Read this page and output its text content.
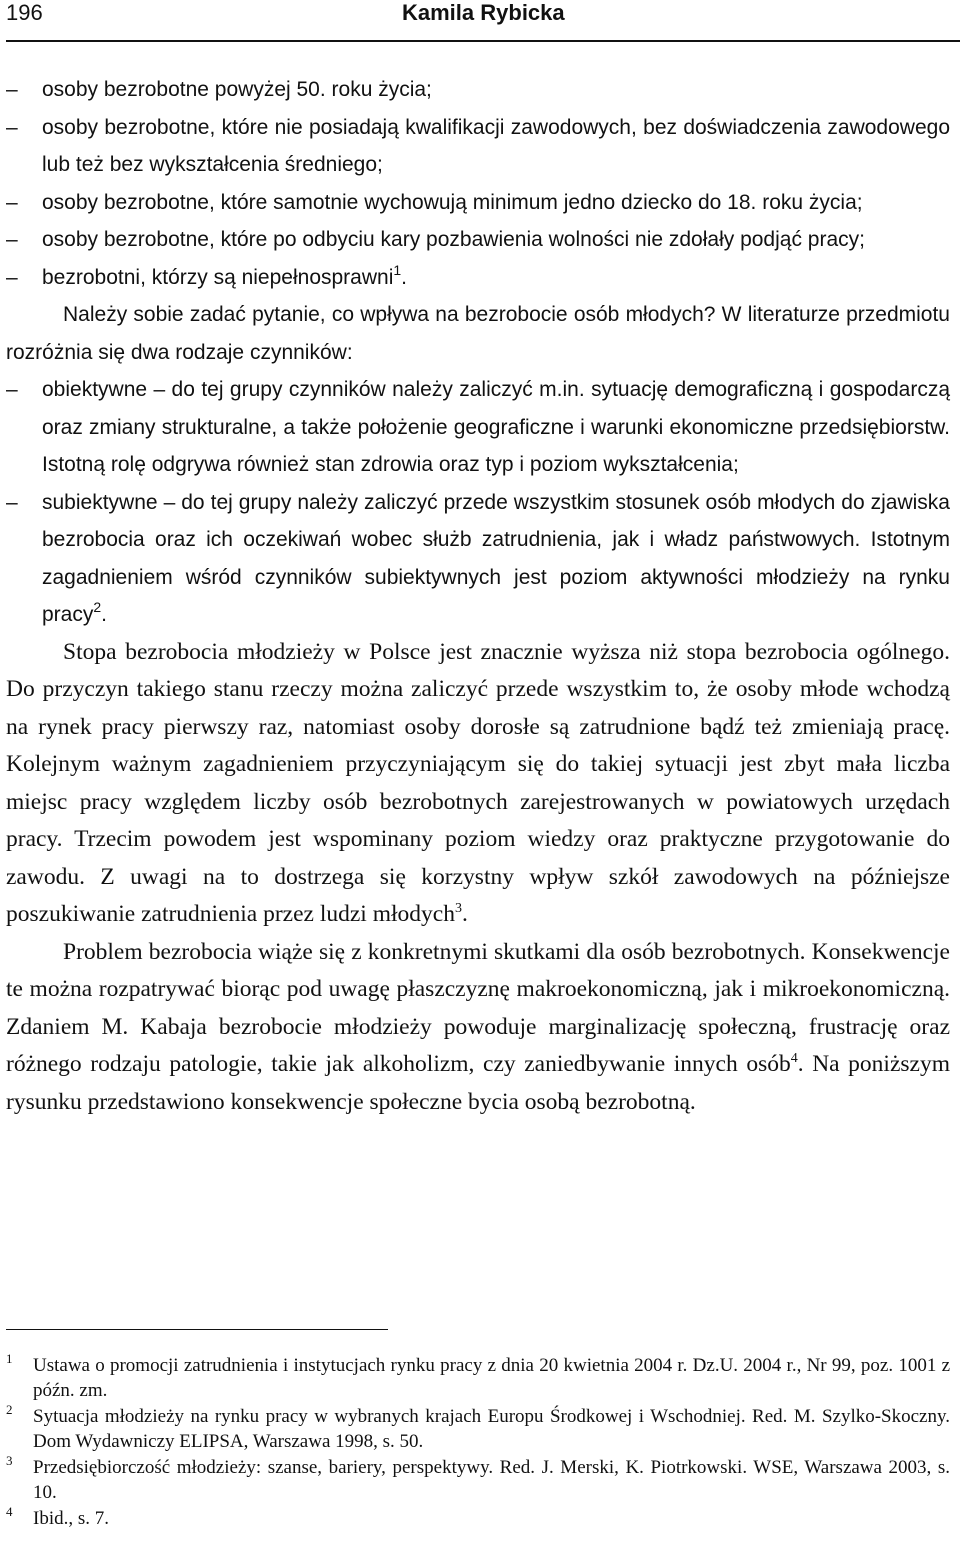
196	Kamila Rybicka
– osoby bezrobotne powyżej 50. roku życia;
– osoby bezrobotne, które nie posiadają kwalifikacji zawodowych, bez doświadczenia zawodowego lub też bez wykształcenia średniego;
– osoby bezrobotne, które samotnie wychowują minimum jedno dziecko do 18. roku życia;
– osoby bezrobotne, które po odbyciu kary pozbawienia wolności nie zdołały podjąć pracy;
– bezrobotni, którzy są niepełnosprawni$^1$.

Należy sobie zadać pytanie, co wpływa na bezrobocie osób młodych? W literaturze przedmiotu rozróżnia się dwa rodzaje czynników:

– obiektywne – do tej grupy czynników należy zaliczyć m.in. sytuację demograficzną i gospodarczą oraz zmiany strukturalne, a także położenie geograficzne i warunki ekonomiczne przedsiębiorstw. Istotną rolę odgrywa również stan zdrowia oraz typ i poziom wykształcenia;
– subiektywne – do tej grupy należy zaliczyć przede wszystkim stosunek osób młodych do zjawiska bezrobocia oraz ich oczekiwań wobec służb zatrudnienia, jak i władz państwowych. Istotnym zagadnieniem wśród czynników subiektywnych jest poziom aktywności młodzieży na rynku pracy$^2$.

Stopa bezrobocia młodzieży w Polsce jest znacznie wyższa niż stopa bezrobocia ogólnego. Do przyczyn takiego stanu rzeczy można zaliczyć przede wszystkim to, że osoby młode wchodzą na rynek pracy pierwszy raz, natomiast osoby dorosłe są zatrudnione bądź też zmieniają pracę. Kolejnym ważnym zagadnieniem przyczyniającym się do takiej sytuacji jest zbyt mała liczba miejsc pracy względem liczby osób bezrobotnych zarejestrowanych w powiatowych urzędach pracy. Trzecim powodem jest wspominany poziom wiedzy oraz praktyczne przygotowanie do zawodu. Z uwagi na to dostrzega się korzystny wpływ szkół zawodowych na późniejsze poszukiwanie zatrudnienia przez ludzi młodych$^3$.

Problem bezrobocia wiąże się z konkretnymi skutkami dla osób bezrobotnych. Konsekwencje te można rozpatrywać biorąc pod uwagę płaszczyznę makroekonomiczną, jak i mikroekonomiczną. Zdaniem M. Kabaja bezrobocie młodzieży powoduje marginalizację społeczną, frustrację oraz różnego rodzaju patologie, takie jak alkoholizm, czy zaniedbywanie innych osób$^4$. Na poniższym rysunku przedstawiono konsekwencje społeczne bycia osobą bezrobotną.

1 Ustawa o promocji zatrudnienia i instytucjach rynku pracy z dnia 20 kwietnia 2004 r. Dz.U. 2004 r., Nr 99, poz. 1001 z późn. zm.
2 Sytuacja młodzieży na rynku pracy w wybranych krajach Europu Środkowej i Wschodniej. Red. M. Szylko-Skoczny. Dom Wydawniczy ELIPSA, Warszawa 1998, s. 50.
3 Przedsiębiorczość młodzieży: szanse, bariery, perspektywy. Red. J. Merski, K. Piotrkowski. WSE, Warszawa 2003, s. 10.
4 Ibid., s. 7.
